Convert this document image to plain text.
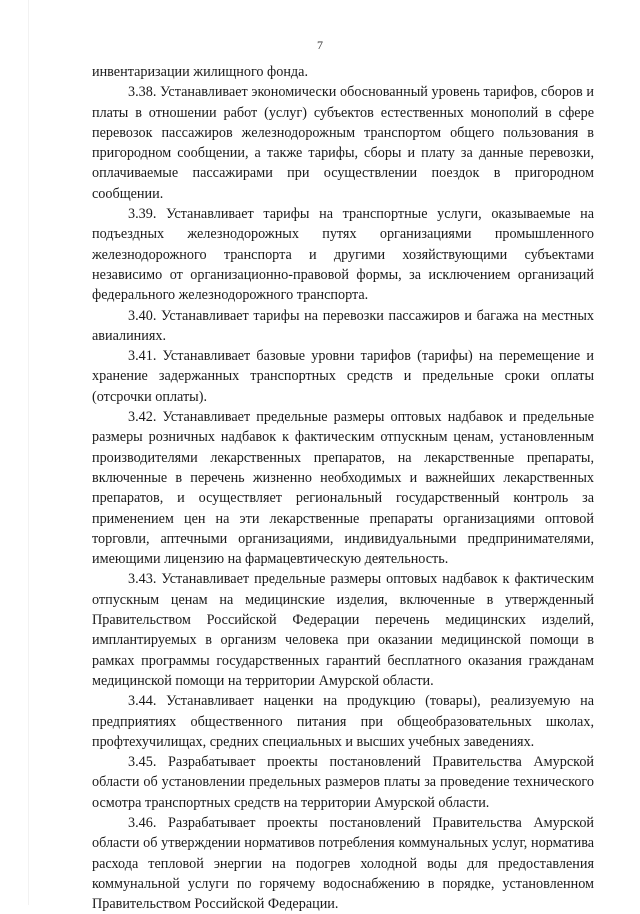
7

инвентаризации жилищного фонда.

3.38. Устанавливает экономически обоснованный уровень тарифов, сборов и платы в отношении работ (услуг) субъектов естественных монополий в сфере перевозок пассажиров железнодорожным транспортом общего пользования в пригородном сообщении, а также тарифы, сборы и плату за данные перевозки, оплачиваемые пассажирами при осуществлении поездок в пригородном сообщении.

3.39. Устанавливает тарифы на транспортные услуги, оказываемые на подъездных железнодорожных путях организациями промышленного железнодорожного транспорта и другими хозяйствующими субъектами независимо от организационно-правовой формы, за исключением организаций федерального железнодорожного транспорта.

3.40. Устанавливает тарифы на перевозки пассажиров и багажа на местных авиалиниях.

3.41. Устанавливает базовые уровни тарифов (тарифы) на перемещение и хранение задержанных транспортных средств и предельные сроки оплаты (отсрочки оплаты).

3.42. Устанавливает предельные размеры оптовых надбавок и предельные размеры розничных надбавок к фактическим отпускным ценам, установленным производителями лекарственных препаратов, на лекарственные препараты, включенные в перечень жизненно необходимых и важнейших лекарственных препаратов, и осуществляет региональный государственный контроль за применением цен на эти лекарственные препараты организациями оптовой торговли, аптечными организациями, индивидуальными предпринимателями, имеющими лицензию на фармацевтическую деятельность.

3.43. Устанавливает предельные размеры оптовых надбавок к фактическим отпускным ценам на медицинские изделия, включенные в утвержденный Правительством Российской Федерации перечень медицинских изделий, имплантируемых в организм человека при оказании медицинской помощи в рамках программы государственных гарантий бесплатного оказания гражданам медицинской помощи на территории Амурской области.

3.44. Устанавливает наценки на продукцию (товары), реализуемую на предприятиях общественного питания при общеобразовательных школах, профтехучилищах, средних специальных и высших учебных заведениях.

3.45. Разрабатывает проекты постановлений Правительства Амурской области об установлении предельных размеров платы за проведение технического осмотра транспортных средств на территории Амурской области.

3.46. Разрабатывает проекты постановлений Правительства Амурской области об утверждении нормативов потребления коммунальных услуг, норматива расхода тепловой энергии на подогрев холодной воды для предоставления коммунальной услуги по горячему водоснабжению в порядке, установленном Правительством Российской Федерации.
